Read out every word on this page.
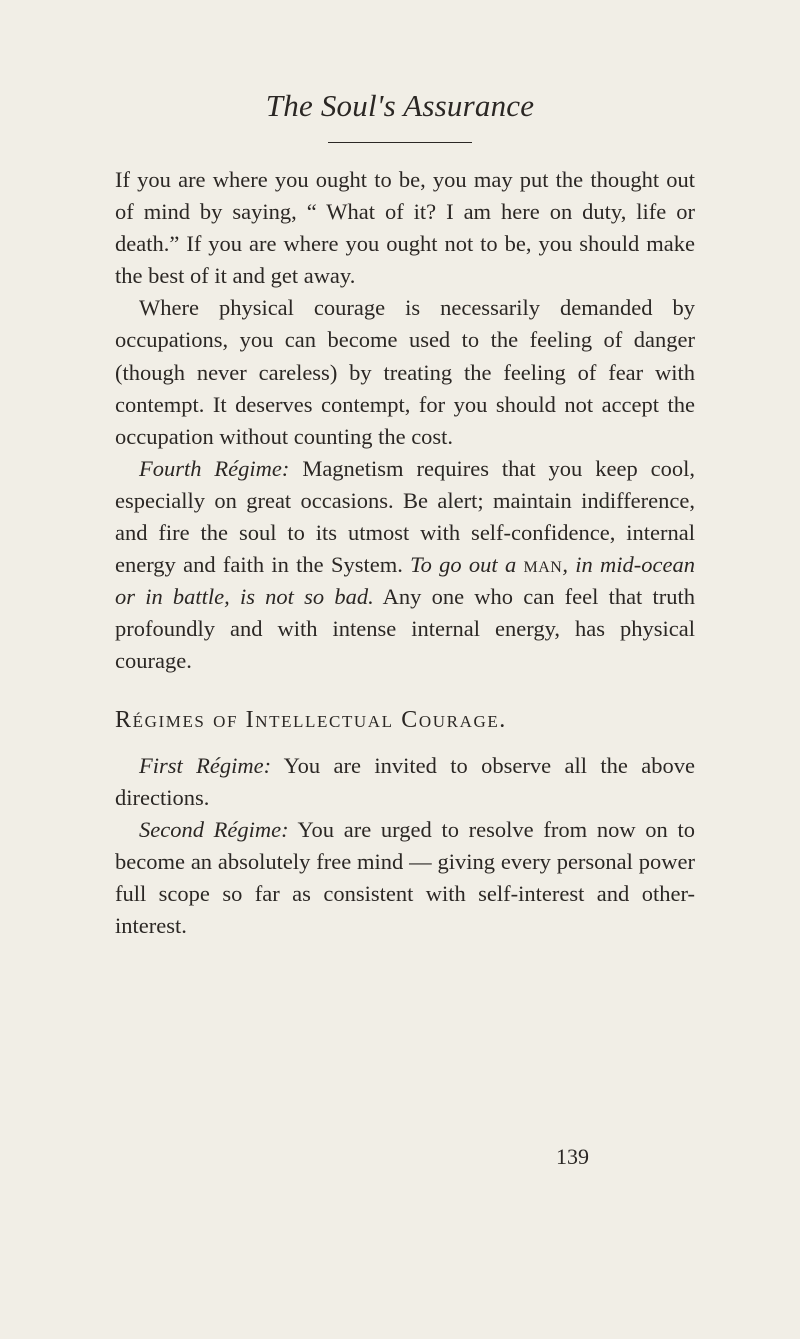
The Soul's Assurance

If you are where you ought to be, you may put the thought out of mind by saying, “ What of it? I am here on duty, life or death.” If you are where you ought not to be, you should make the best of it and get away.

Where physical courage is necessarily demanded by occupations, you can become used to the feeling of danger (though never careless) by treating the feeling of fear with contempt. It deserves contempt, for you should not accept the occupation without counting the cost.

Fourth Régime: Magnetism requires that you keep cool, especially on great occasions. Be alert; maintain indifference, and fire the soul to its utmost with self-confidence, internal energy and faith in the System. To go out a man, in mid-ocean or in battle, is not so bad. Any one who can feel that truth profoundly and with intense internal energy, has physical courage.

Régimes of Intellectual Courage.

First Régime: You are invited to observe all the above directions.

Second Régime: You are urged to resolve from now on to become an absolutely free mind — giving every personal power full scope so far as consistent with self-interest and other-interest.

139
